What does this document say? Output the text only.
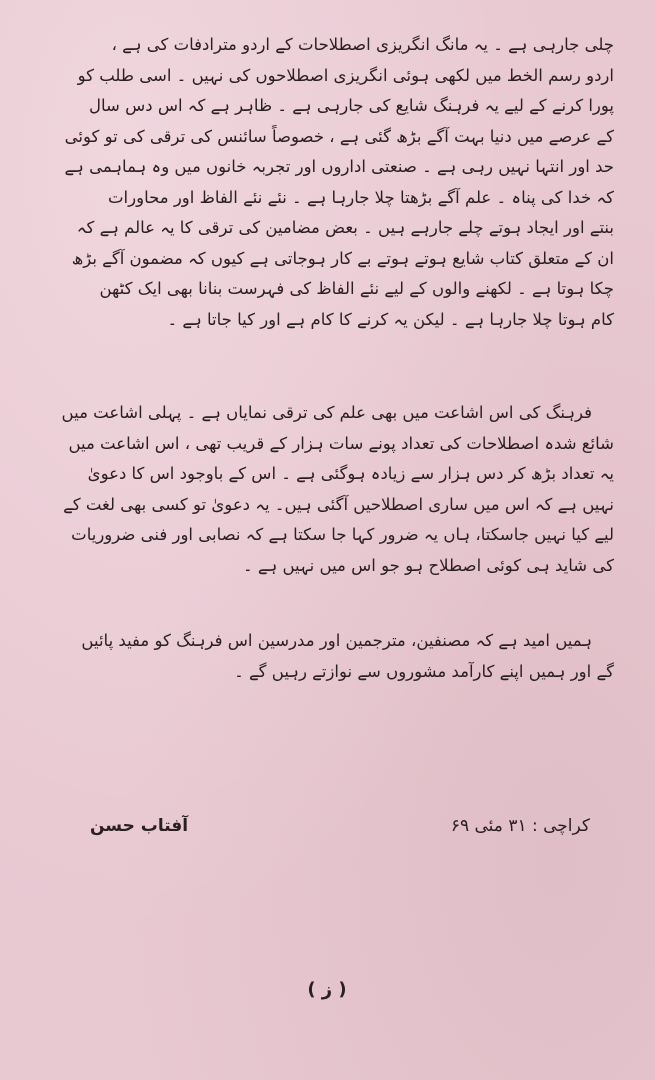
چلی جارہی ہے ۔ یہ مانگ انگریزی اصطلاحات کے اردو مترادفات کی ہے ،
اردو رسم الخط میں لکھی ہوئی انگریزی اصطلاحوں کی نہیں ۔ اسی طلب کو
پورا کرنے کے لیے یہ فرہنگ شایع کی جارہی ہے ۔ ظاہر ہے کہ اس دس سال
کے عرصے میں دنیا بہت آگے بڑھ گئی ہے ، خصوصاً سائنس کی ترقی کی تو کوئی
حد اور انتہا نہیں رہی ہے ۔ صنعتی اداروں اور تجربہ خانوں میں وہ ہماہمی ہے
کہ خدا کی پناہ ۔ علم آگے بڑھتا چلا جارہا ہے ۔ نئے نئے الفاظ اور محاورات
بنتے اور ایجاد ہوتے چلے جارہے ہیں ۔ بعض مضامین کی ترقی کا یہ عالم ہے کہ
ان کے متعلق کتاب شایع ہوتے ہوتے بے کار ہوجاتی ہے کیوں کہ مضمون آگے بڑھ
چکا ہوتا ہے ۔ لکھنے والوں کے لیے نئے الفاظ کی فہرست بنانا بھی ایک کٹھن
کام ہوتا چلا جارہا ہے ۔ لیکن یہ کرنے کا کام ہے اور کیا جاتا ہے ۔
فرہنگ کی اس اشاعت میں بھی علم کی ترقی نمایاں ہے ۔ پہلی اشاعت میں
شائع شدہ اصطلاحات کی تعداد پونے سات ہزار کے قریب تھی ، اس اشاعت میں
یہ تعداد بڑھ کر دس ہزار سے زیادہ ہوگئی ہے ۔ اس کے باوجود اس کا دعویٰ
نہیں ہے کہ اس میں ساری اصطلاحیں آگئی ہیں۔ یہ دعویٰ تو کسی بھی لغت کے
لیے کیا نہیں جاسکتا، ہاں یہ ضرور کہا جا سکتا ہے کہ نصابی اور فنی ضروریات
کی شاید ہی کوئی اصطلاح ہو جو اس میں نہیں ہے ۔
ہمیں امید ہے کہ مصنفین، مترجمین اور مدرسین اس فرہنگ کو مفید پائیں
گے اور ہمیں اپنے کارآمد مشوروں سے نوازتے رہیں گے ۔
کراچی : ۳۱ مئی ۶۹
آفتاب حسن
( ز )
